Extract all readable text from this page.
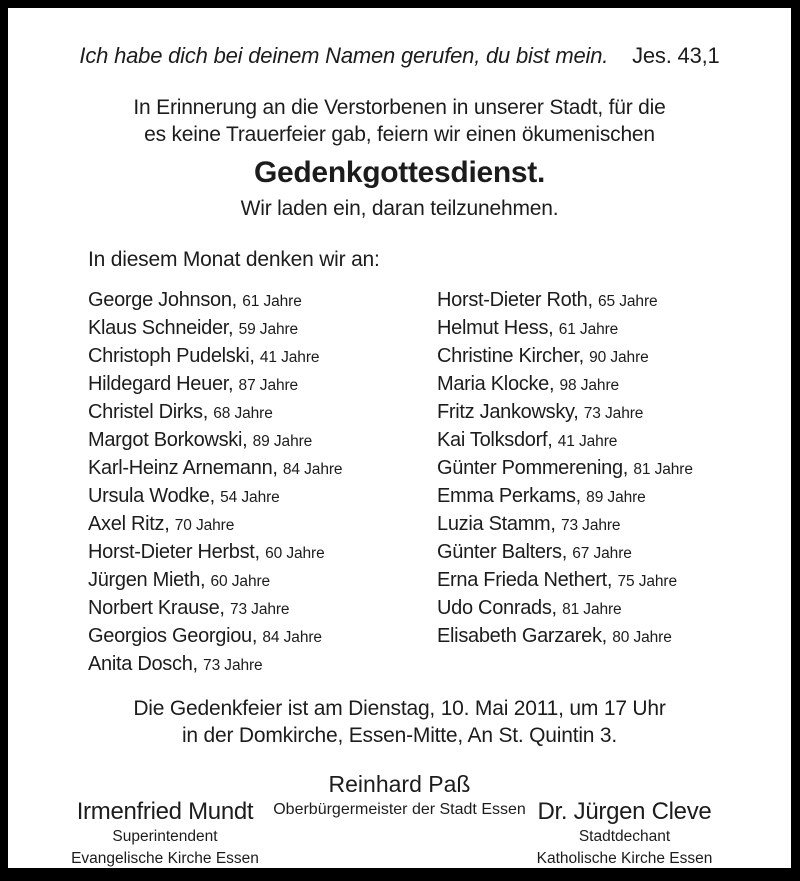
Ich habe dich bei deinem Namen gerufen, du bist mein. Jes. 43,1
In Erinnerung an die Verstorbenen in unserer Stadt, für die
es keine Trauerfeier gab, feiern wir einen ökumenischen
Gedenkgottesdienst.
Wir laden ein, daran teilzunehmen.
In diesem Monat denken wir an:
George Johnson, 61 Jahre
Klaus Schneider, 59 Jahre
Christoph Pudelski, 41 Jahre
Hildegard Heuer, 87 Jahre
Christel Dirks, 68 Jahre
Margot Borkowski, 89 Jahre
Karl-Heinz Arnemann, 84 Jahre
Ursula Wodke, 54 Jahre
Axel Ritz, 70 Jahre
Horst-Dieter Herbst, 60 Jahre
Jürgen Mieth, 60 Jahre
Norbert Krause, 73 Jahre
Georgios Georgiou, 84 Jahre
Anita Dosch, 73 Jahre
Horst-Dieter Roth, 65 Jahre
Helmut Hess, 61 Jahre
Christine Kircher, 90 Jahre
Maria Klocke, 98 Jahre
Fritz Jankowsky, 73 Jahre
Kai Tolksdorf, 41 Jahre
Günter Pommerening, 81 Jahre
Emma Perkams, 89 Jahre
Luzia Stamm, 73 Jahre
Günter Balters, 67 Jahre
Erna Frieda Nethert, 75 Jahre
Udo Conrads, 81 Jahre
Elisabeth Garzarek, 80 Jahre
Die Gedenkfeier ist am Dienstag, 10. Mai 2011, um 17 Uhr
in der Domkirche, Essen-Mitte, An St. Quintin 3.
Reinhard Paß
Oberbürgermeister der Stadt Essen
Irmenfried Mundt
Superintendent
Evangelische Kirche Essen
Dr. Jürgen Cleve
Stadtdechant
Katholische Kirche Essen
